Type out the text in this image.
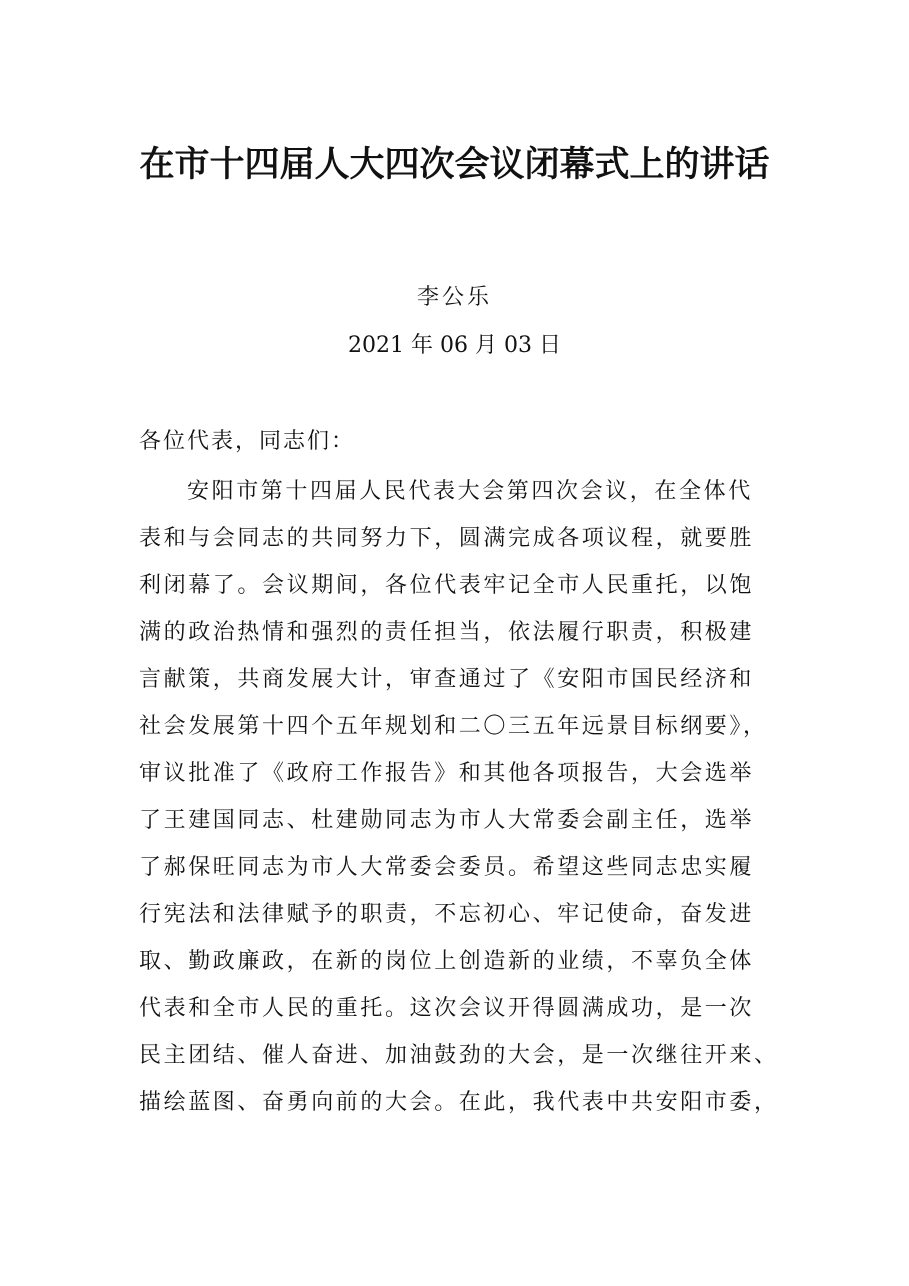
在市十四届人大四次会议闭幕式上的讲话
李公乐
2021 年 06 月 03 日
各位代表，同志们：
安阳市第十四届人民代表大会第四次会议，在全体代
表和与会同志的共同努力下，圆满完成各项议程，就要胜
利闭幕了。会议期间，各位代表牢记全市人民重托，以饱
满的政治热情和强烈的责任担当，依法履行职责，积极建
言献策，共商发展大计，审查通过了《安阳市国民经济和
社会发展第十四个五年规划和二〇三五年远景目标纲要》，
审议批准了《政府工作报告》和其他各项报告，大会选举
了王建国同志、杜建勋同志为市人大常委会副主任，选举
了郝保旺同志为市人大常委会委员。希望这些同志忠实履
行宪法和法律赋予的职责，不忘初心、牢记使命，奋发进
取、勤政廉政，在新的岗位上创造新的业绩，不辜负全体
代表和全市人民的重托。这次会议开得圆满成功，是一次
民主团结、催人奋进、加油鼓劲的大会，是一次继往开来、
描绘蓝图、奋勇向前的大会。在此，我代表中共安阳市委，
